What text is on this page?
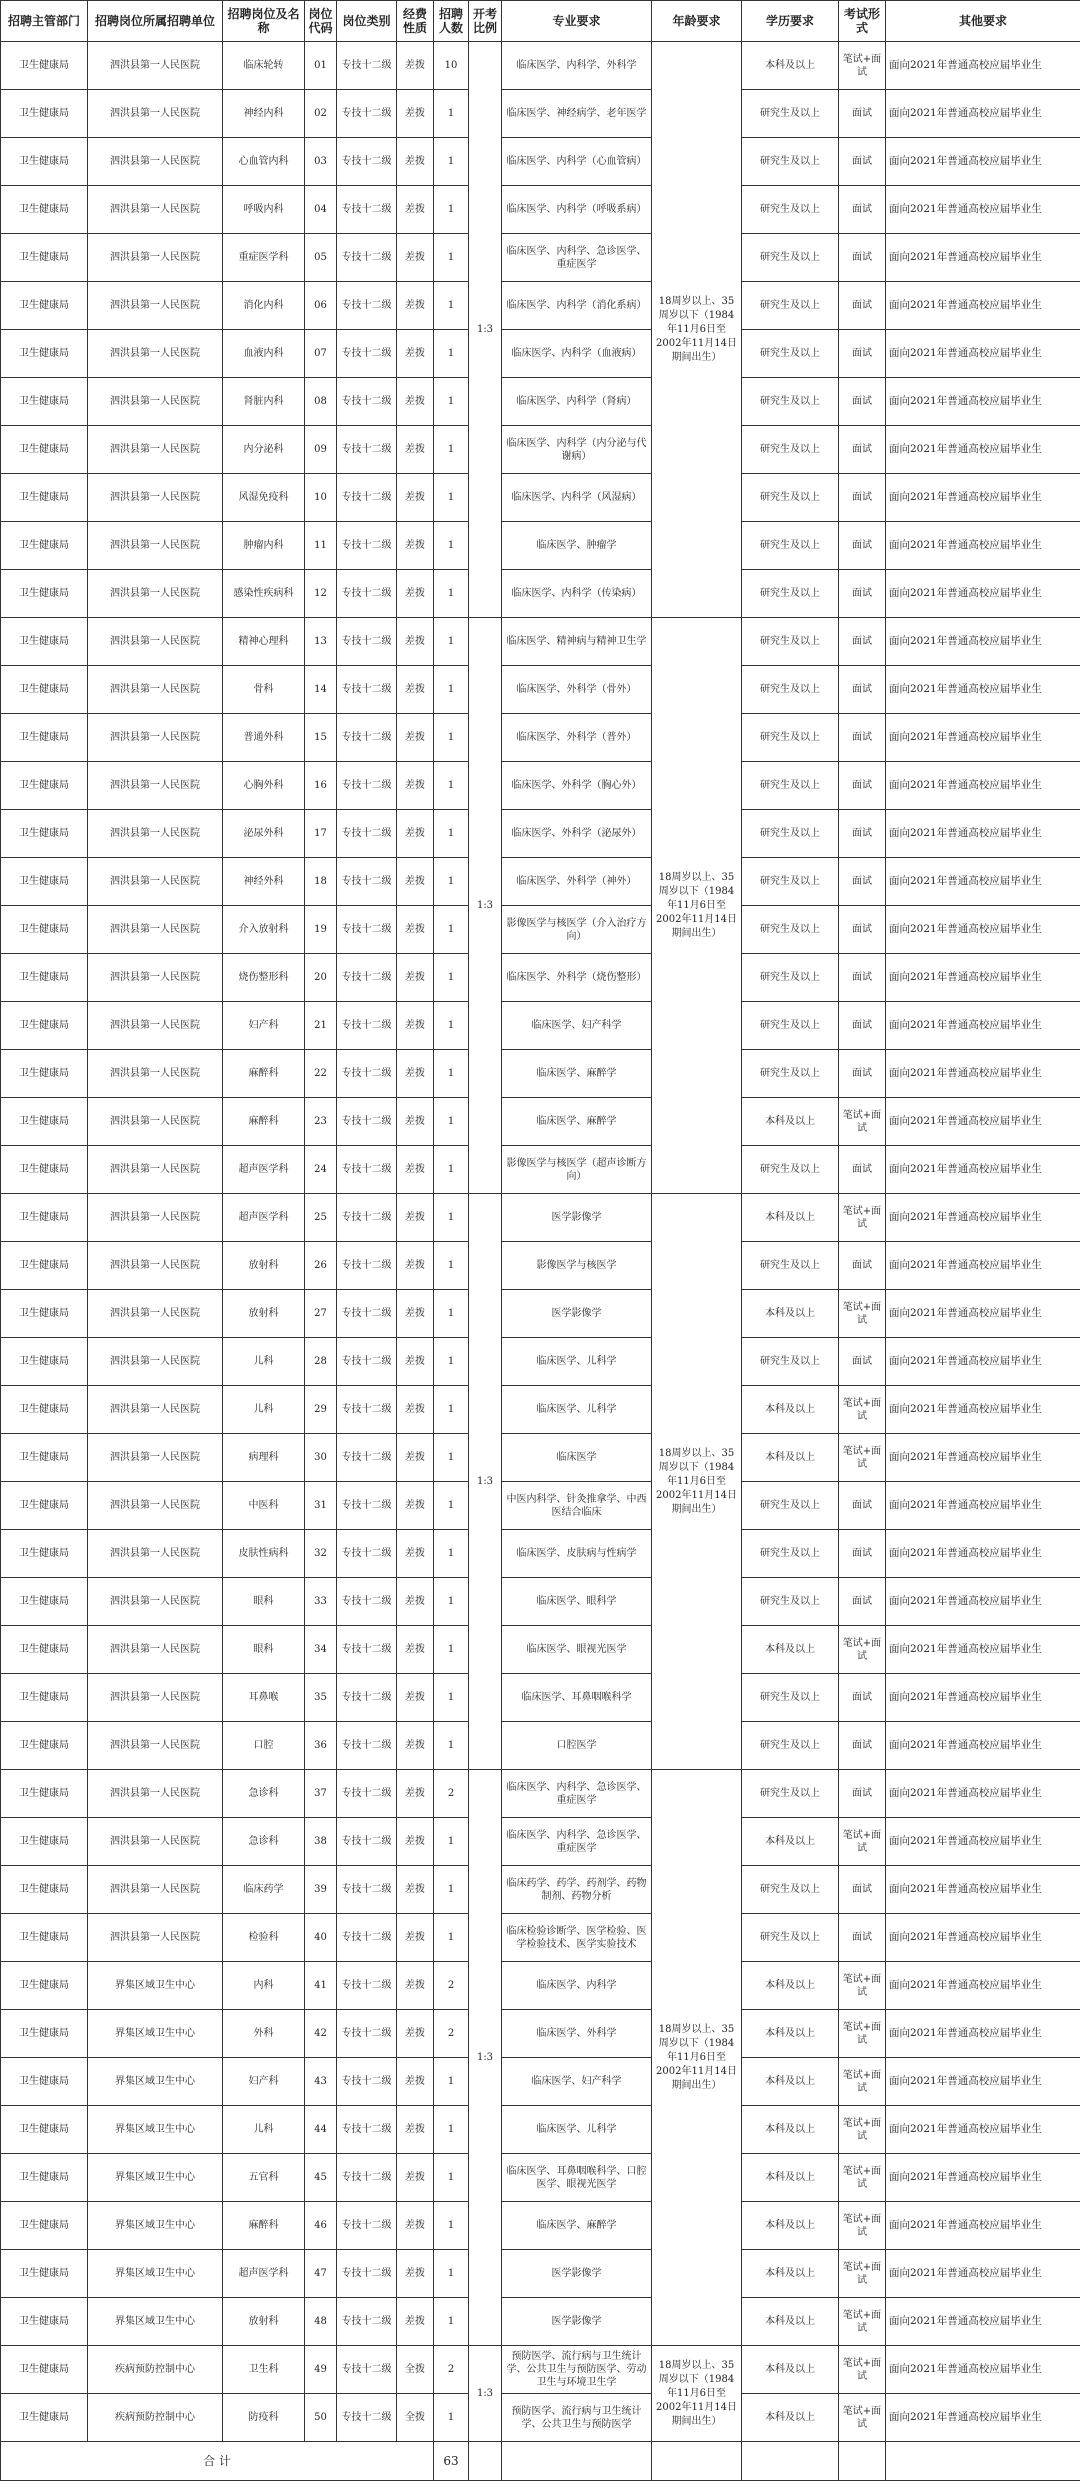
招聘主管部门	招聘岗位所属招聘单位	招聘岗位及名称	岗位代码	岗位类别	经费性质	招聘人数	开考比例	专业要求	年龄要求	学历要求	考试形式	其他要求
卫生健康局	泗洪县第一人民医院	临床轮转	01	专技十二级	差拨	10	1:3	临床医学、内科学、外科学	18周岁以上、35周岁以下（1984年11月6日至2002年11月14日期间出生）	本科及以上	笔试+面试	面向2021年普通高校应届毕业生
卫生健康局	泗洪县第一人民医院	神经内科	02	专技十二级	差拨	1		临床医学、神经病学、老年医学		研究生及以上	面试	面向2021年普通高校应届毕业生
卫生健康局	泗洪县第一人民医院	心血管内科	03	专技十二级	差拨	1		临床医学、内科学（心血管病）		研究生及以上	面试	面向2021年普通高校应届毕业生
卫生健康局	泗洪县第一人民医院	呼吸内科	04	专技十二级	差拨	1		临床医学、内科学（呼吸系病）		研究生及以上	面试	面向2021年普通高校应届毕业生
卫生健康局	泗洪县第一人民医院	重症医学科	05	专技十二级	差拨	1		临床医学、内科学、急诊医学、重症医学		研究生及以上	面试	面向2021年普通高校应届毕业生
卫生健康局	泗洪县第一人民医院	消化内科	06	专技十二级	差拨	1		临床医学、内科学（消化系病）		研究生及以上	面试	面向2021年普通高校应届毕业生
卫生健康局	泗洪县第一人民医院	血液内科	07	专技十二级	差拨	1		临床医学、内科学（血液病）		研究生及以上	面试	面向2021年普通高校应届毕业生
卫生健康局	泗洪县第一人民医院	肾脏内科	08	专技十二级	差拨	1		临床医学、内科学（肾病）		研究生及以上	面试	面向2021年普通高校应届毕业生
卫生健康局	泗洪县第一人民医院	内分泌科	09	专技十二级	差拨	1		临床医学、内科学（内分泌与代谢病）		研究生及以上	面试	面向2021年普通高校应届毕业生
卫生健康局	泗洪县第一人民医院	风湿免疫科	10	专技十二级	差拨	1		临床医学、内科学（风湿病）		研究生及以上	面试	面向2021年普通高校应届毕业生
卫生健康局	泗洪县第一人民医院	肿瘤内科	11	专技十二级	差拨	1		临床医学、肿瘤学		研究生及以上	面试	面向2021年普通高校应届毕业生
卫生健康局	泗洪县第一人民医院	感染性疾病科	12	专技十二级	差拨	1		临床医学、内科学（传染病）		研究生及以上	面试	面向2021年普通高校应届毕业生
卫生健康局	泗洪县第一人民医院	精神心理科	13	专技十二级	差拨	1	1:3	临床医学、精神病与精神卫生学	18周岁以上、35周岁以下（1984年11月6日至2002年11月14日期间出生）	研究生及以上	面试	面向2021年普通高校应届毕业生
卫生健康局	泗洪县第一人民医院	骨科	14	专技十二级	差拨	1		临床医学、外科学（骨外）		研究生及以上	面试	面向2021年普通高校应届毕业生
卫生健康局	泗洪县第一人民医院	普通外科	15	专技十二级	差拨	1		临床医学、外科学（普外）		研究生及以上	面试	面向2021年普通高校应届毕业生
卫生健康局	泗洪县第一人民医院	心胸外科	16	专技十二级	差拨	1		临床医学、外科学（胸心外）		研究生及以上	面试	面向2021年普通高校应届毕业生
卫生健康局	泗洪县第一人民医院	泌尿外科	17	专技十二级	差拨	1		临床医学、外科学（泌尿外）		研究生及以上	面试	面向2021年普通高校应届毕业生
卫生健康局	泗洪县第一人民医院	神经外科	18	专技十二级	差拨	1		临床医学、外科学（神外）		研究生及以上	面试	面向2021年普通高校应届毕业生
卫生健康局	泗洪县第一人民医院	介入放射科	19	专技十二级	差拨	1		影像医学与核医学（介入治疗方向）		研究生及以上	面试	面向2021年普通高校应届毕业生
卫生健康局	泗洪县第一人民医院	烧伤整形科	20	专技十二级	差拨	1		临床医学、外科学（烧伤整形）		研究生及以上	面试	面向2021年普通高校应届毕业生
卫生健康局	泗洪县第一人民医院	妇产科	21	专技十二级	差拨	1		临床医学、妇产科学		研究生及以上	面试	面向2021年普通高校应届毕业生
卫生健康局	泗洪县第一人民医院	麻醉科	22	专技十二级	差拨	1		临床医学、麻醉学		研究生及以上	面试	面向2021年普通高校应届毕业生
卫生健康局	泗洪县第一人民医院	麻醉科	23	专技十二级	差拨	1		临床医学、麻醉学		本科及以上	笔试+面试	面向2021年普通高校应届毕业生
卫生健康局	泗洪县第一人民医院	超声医学科	24	专技十二级	差拨	1		影像医学与核医学（超声诊断方向）		研究生及以上	面试	面向2021年普通高校应届毕业生
卫生健康局	泗洪县第一人民医院	超声医学科	25	专技十二级	差拨	1	1:3	医学影像学	18周岁以上、35周岁以下（1984年11月6日至2002年11月14日期间出生）	本科及以上	笔试+面试	面向2021年普通高校应届毕业生
卫生健康局	泗洪县第一人民医院	放射科	26	专技十二级	差拨	1		影像医学与核医学		研究生及以上	面试	面向2021年普通高校应届毕业生
卫生健康局	泗洪县第一人民医院	放射科	27	专技十二级	差拨	1		医学影像学		本科及以上	笔试+面试	面向2021年普通高校应届毕业生
卫生健康局	泗洪县第一人民医院	儿科	28	专技十二级	差拨	1		临床医学、儿科学		研究生及以上	面试	面向2021年普通高校应届毕业生
卫生健康局	泗洪县第一人民医院	儿科	29	专技十二级	差拨	1		临床医学、儿科学		本科及以上	笔试+面试	面向2021年普通高校应届毕业生
卫生健康局	泗洪县第一人民医院	病理科	30	专技十二级	差拨	1		临床医学		本科及以上	笔试+面试	面向2021年普通高校应届毕业生
卫生健康局	泗洪县第一人民医院	中医科	31	专技十二级	差拨	1		中医内科学、针灸推拿学、中西医结合临床		研究生及以上	面试	面向2021年普通高校应届毕业生
卫生健康局	泗洪县第一人民医院	皮肤性病科	32	专技十二级	差拨	1		临床医学、皮肤病与性病学		研究生及以上	面试	面向2021年普通高校应届毕业生
卫生健康局	泗洪县第一人民医院	眼科	33	专技十二级	差拨	1		临床医学、眼科学		研究生及以上	面试	面向2021年普通高校应届毕业生
卫生健康局	泗洪县第一人民医院	眼科	34	专技十二级	差拨	1		临床医学、眼视光医学		本科及以上	笔试+面试	面向2021年普通高校应届毕业生
卫生健康局	泗洪县第一人民医院	耳鼻喉	35	专技十二级	差拨	1		临床医学、耳鼻咽喉科学		研究生及以上	面试	面向2021年普通高校应届毕业生
卫生健康局	泗洪县第一人民医院	口腔	36	专技十二级	差拨	1		口腔医学		研究生及以上	面试	面向2021年普通高校应届毕业生
卫生健康局	泗洪县第一人民医院	急诊科	37	专技十二级	差拨	2	1:3	临床医学、内科学、急诊医学、重症医学	18周岁以上、35周岁以下（1984年11月6日至2002年11月14日期间出生）	研究生及以上	面试	面向2021年普通高校应届毕业生
卫生健康局	泗洪县第一人民医院	急诊科	38	专技十二级	差拨	1		临床医学、内科学、急诊医学、重症医学		本科及以上	笔试+面试	面向2021年普通高校应届毕业生
卫生健康局	泗洪县第一人民医院	临床药学	39	专技十二级	差拨	1		临床药学、药学、药剂学、药物制剂、药物分析		研究生及以上	面试	面向2021年普通高校应届毕业生
卫生健康局	泗洪县第一人民医院	检验科	40	专技十二级	差拨	1		临床检验诊断学、医学检验、医学检验技术、医学实验技术		研究生及以上	面试	面向2021年普通高校应届毕业生
卫生健康局	界集区域卫生中心	内科	41	专技十二级	差拨	2		临床医学、内科学		本科及以上	笔试+面试	面向2021年普通高校应届毕业生
卫生健康局	界集区域卫生中心	外科	42	专技十二级	差拨	2		临床医学、外科学		本科及以上	笔试+面试	面向2021年普通高校应届毕业生
卫生健康局	界集区域卫生中心	妇产科	43	专技十二级	差拨	1		临床医学、妇产科学		本科及以上	笔试+面试	面向2021年普通高校应届毕业生
卫生健康局	界集区域卫生中心	儿科	44	专技十二级	差拨	1		临床医学、儿科学		本科及以上	笔试+面试	面向2021年普通高校应届毕业生
卫生健康局	界集区域卫生中心	五官科	45	专技十二级	差拨	1		临床医学、耳鼻咽喉科学、口腔医学、眼视光医学		本科及以上	笔试+面试	面向2021年普通高校应届毕业生
卫生健康局	界集区域卫生中心	麻醉科	46	专技十二级	差拨	1		临床医学、麻醉学		本科及以上	笔试+面试	面向2021年普通高校应届毕业生
卫生健康局	界集区域卫生中心	超声医学科	47	专技十二级	差拨	1		医学影像学		本科及以上	笔试+面试	面向2021年普通高校应届毕业生
卫生健康局	界集区域卫生中心	放射科	48	专技十二级	差拨	1		医学影像学		本科及以上	笔试+面试	面向2021年普通高校应届毕业生
卫生健康局	疾病预防控制中心	卫生科	49	专技十二级	全拨	2	1:3	预防医学、流行病与卫生统计学、公共卫生与预防医学、劳动卫生与环境卫生学	18周岁以上、35周岁以下（1984年11月6日至2002年11月14日期间出生）	本科及以上	笔试+面试	面向2021年普通高校应届毕业生
卫生健康局	疾病预防控制中心	防疫科	50	专技十二级	全拨	1		预防医学、流行病与卫生统计学、公共卫生与预防医学		本科及以上	笔试+面试	面向2021年普通高校应届毕业生
合 计						63						
